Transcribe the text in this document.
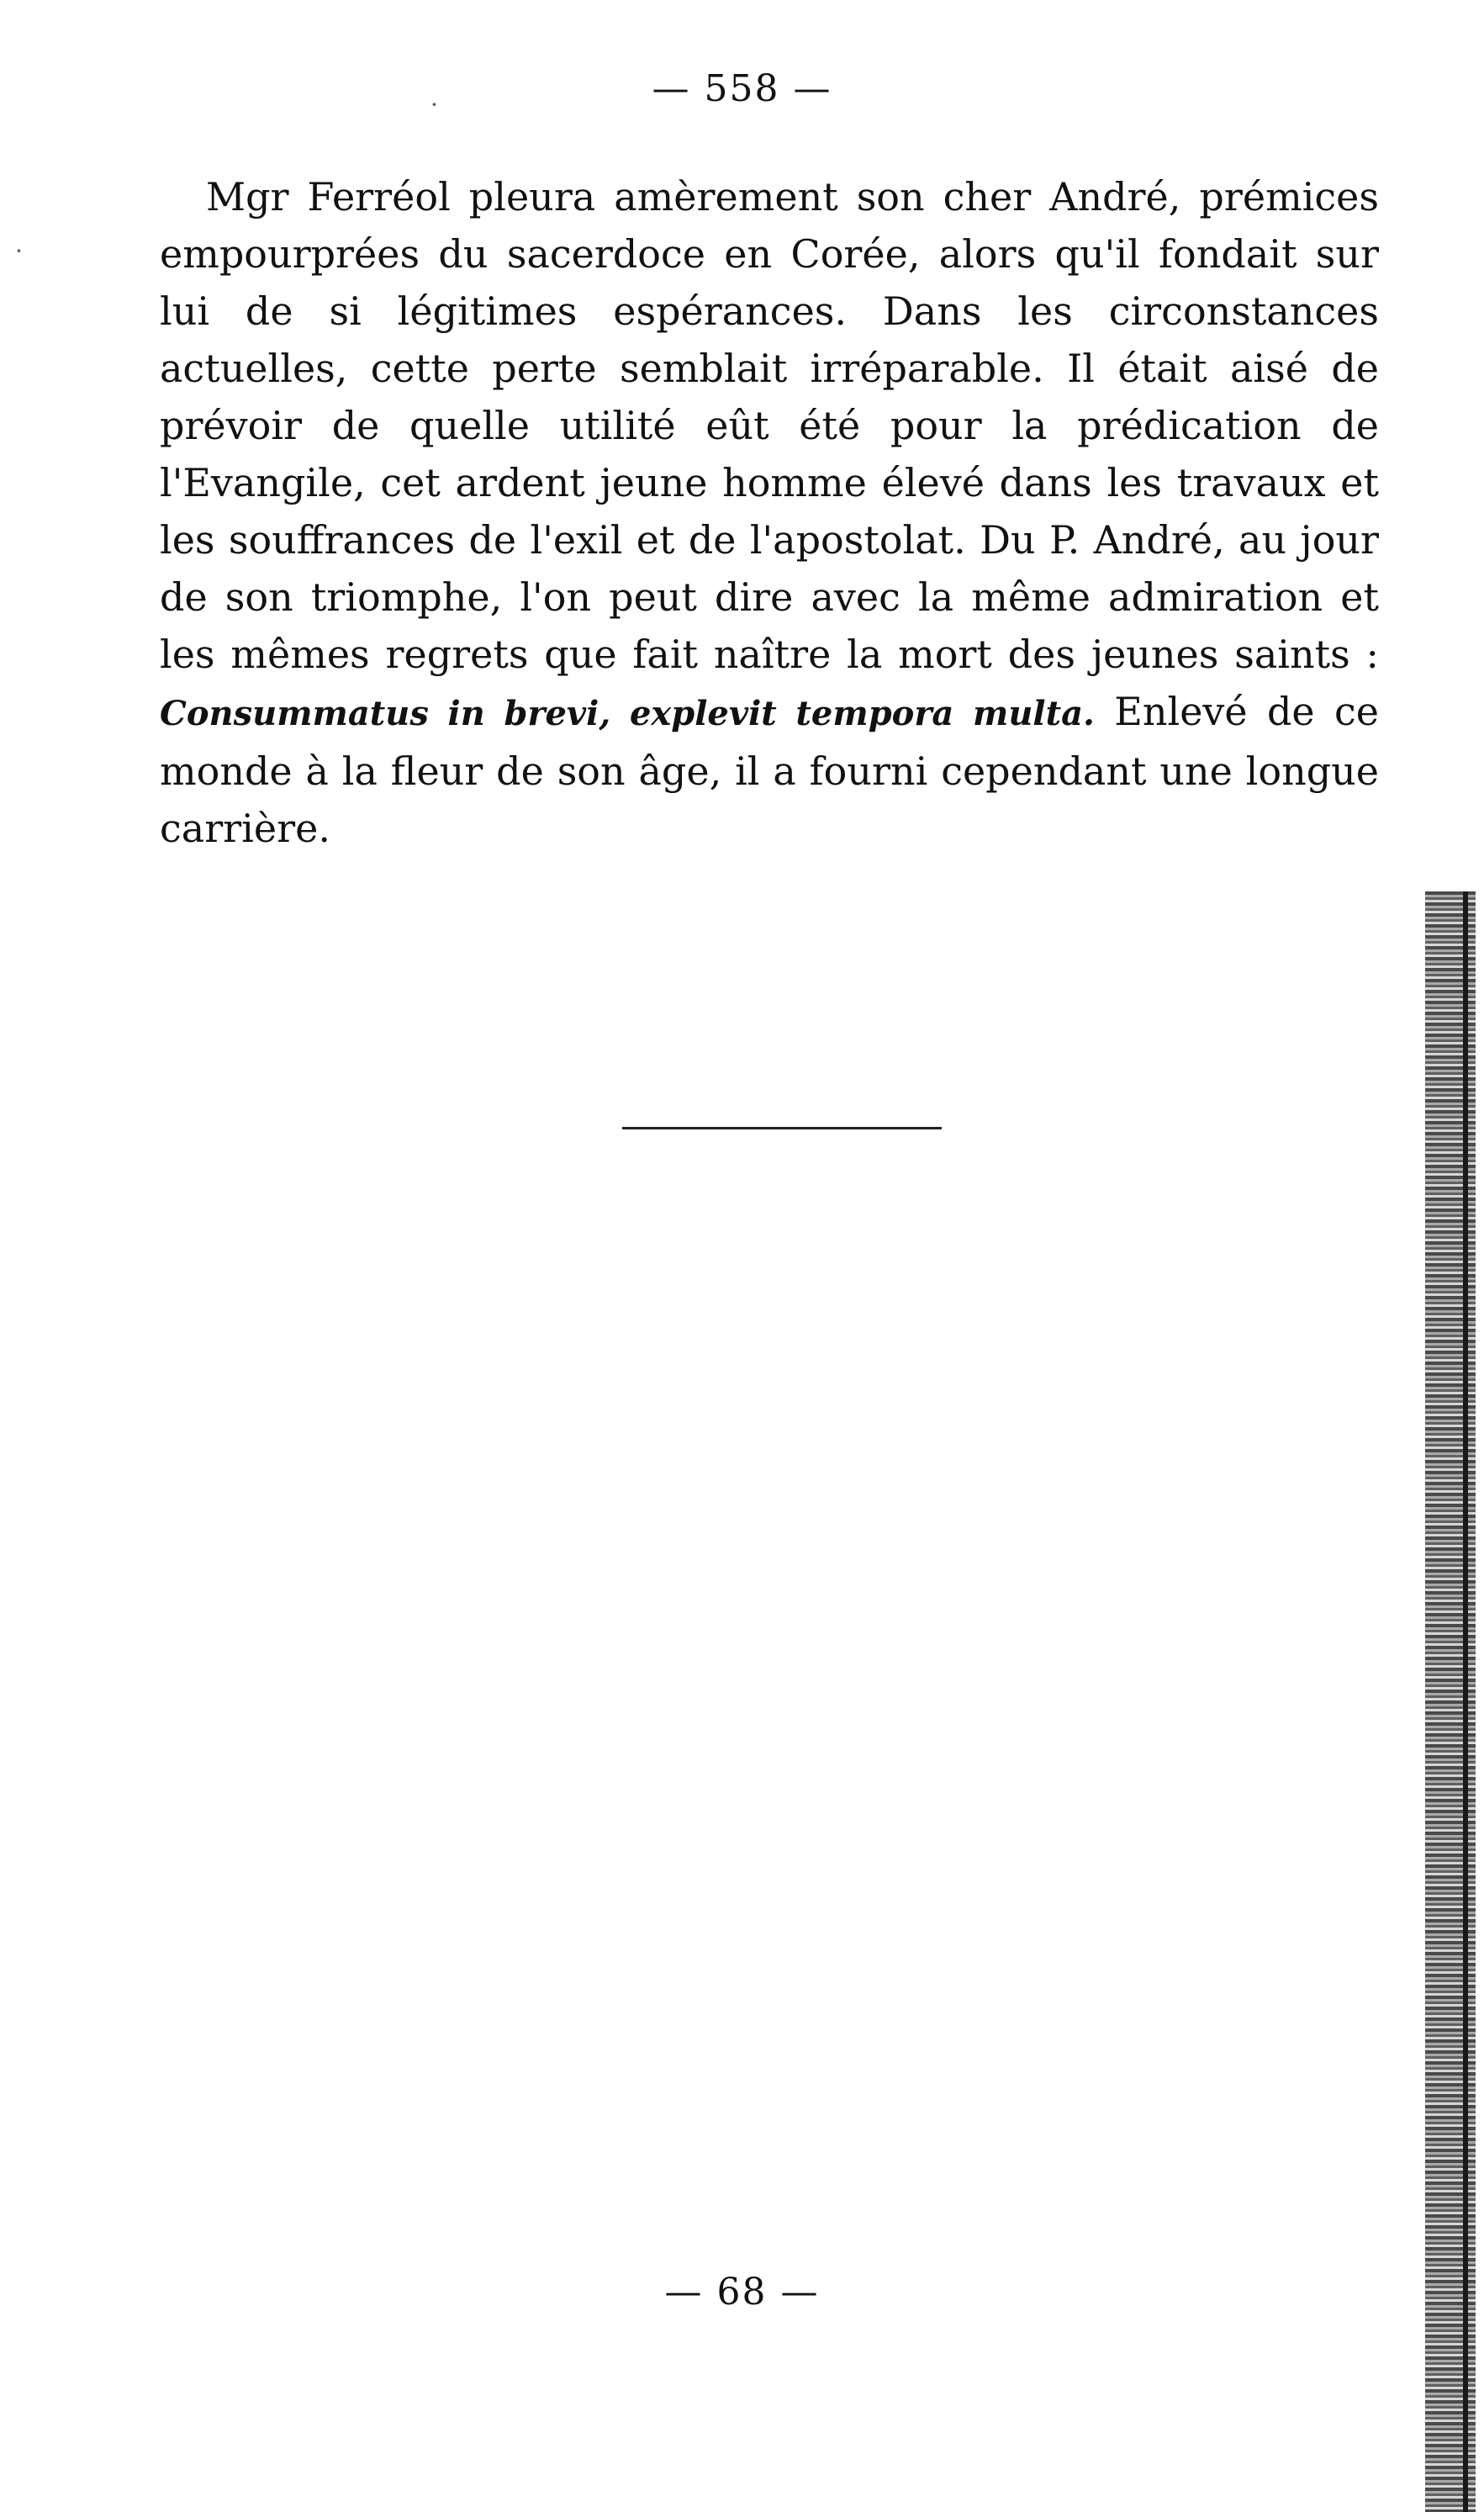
— 558 —
·
·

Mgr Ferréol pleura amèrement son cher André, prémices empourprées du sacerdoce en Corée, alors qu'il fondait sur lui de si légitimes espérances. Dans les circonstances actuelles, cette perte semblait irréparable. Il était aisé de prévoir de quelle utilité eût été pour la prédication de l'Evangile, cet ardent jeune homme élevé dans les travaux et les souffrances de l'exil et de l'apostolat. Du P. André, au jour de son triomphe, l'on peut dire avec la même admiration et les mêmes regrets que fait naître la mort des jeunes saints : Consummatus in brevi, explevit tempora multa. Enlevé de ce monde à la fleur de son âge, il a fourni cependant une longue carrière.

— 68 —
